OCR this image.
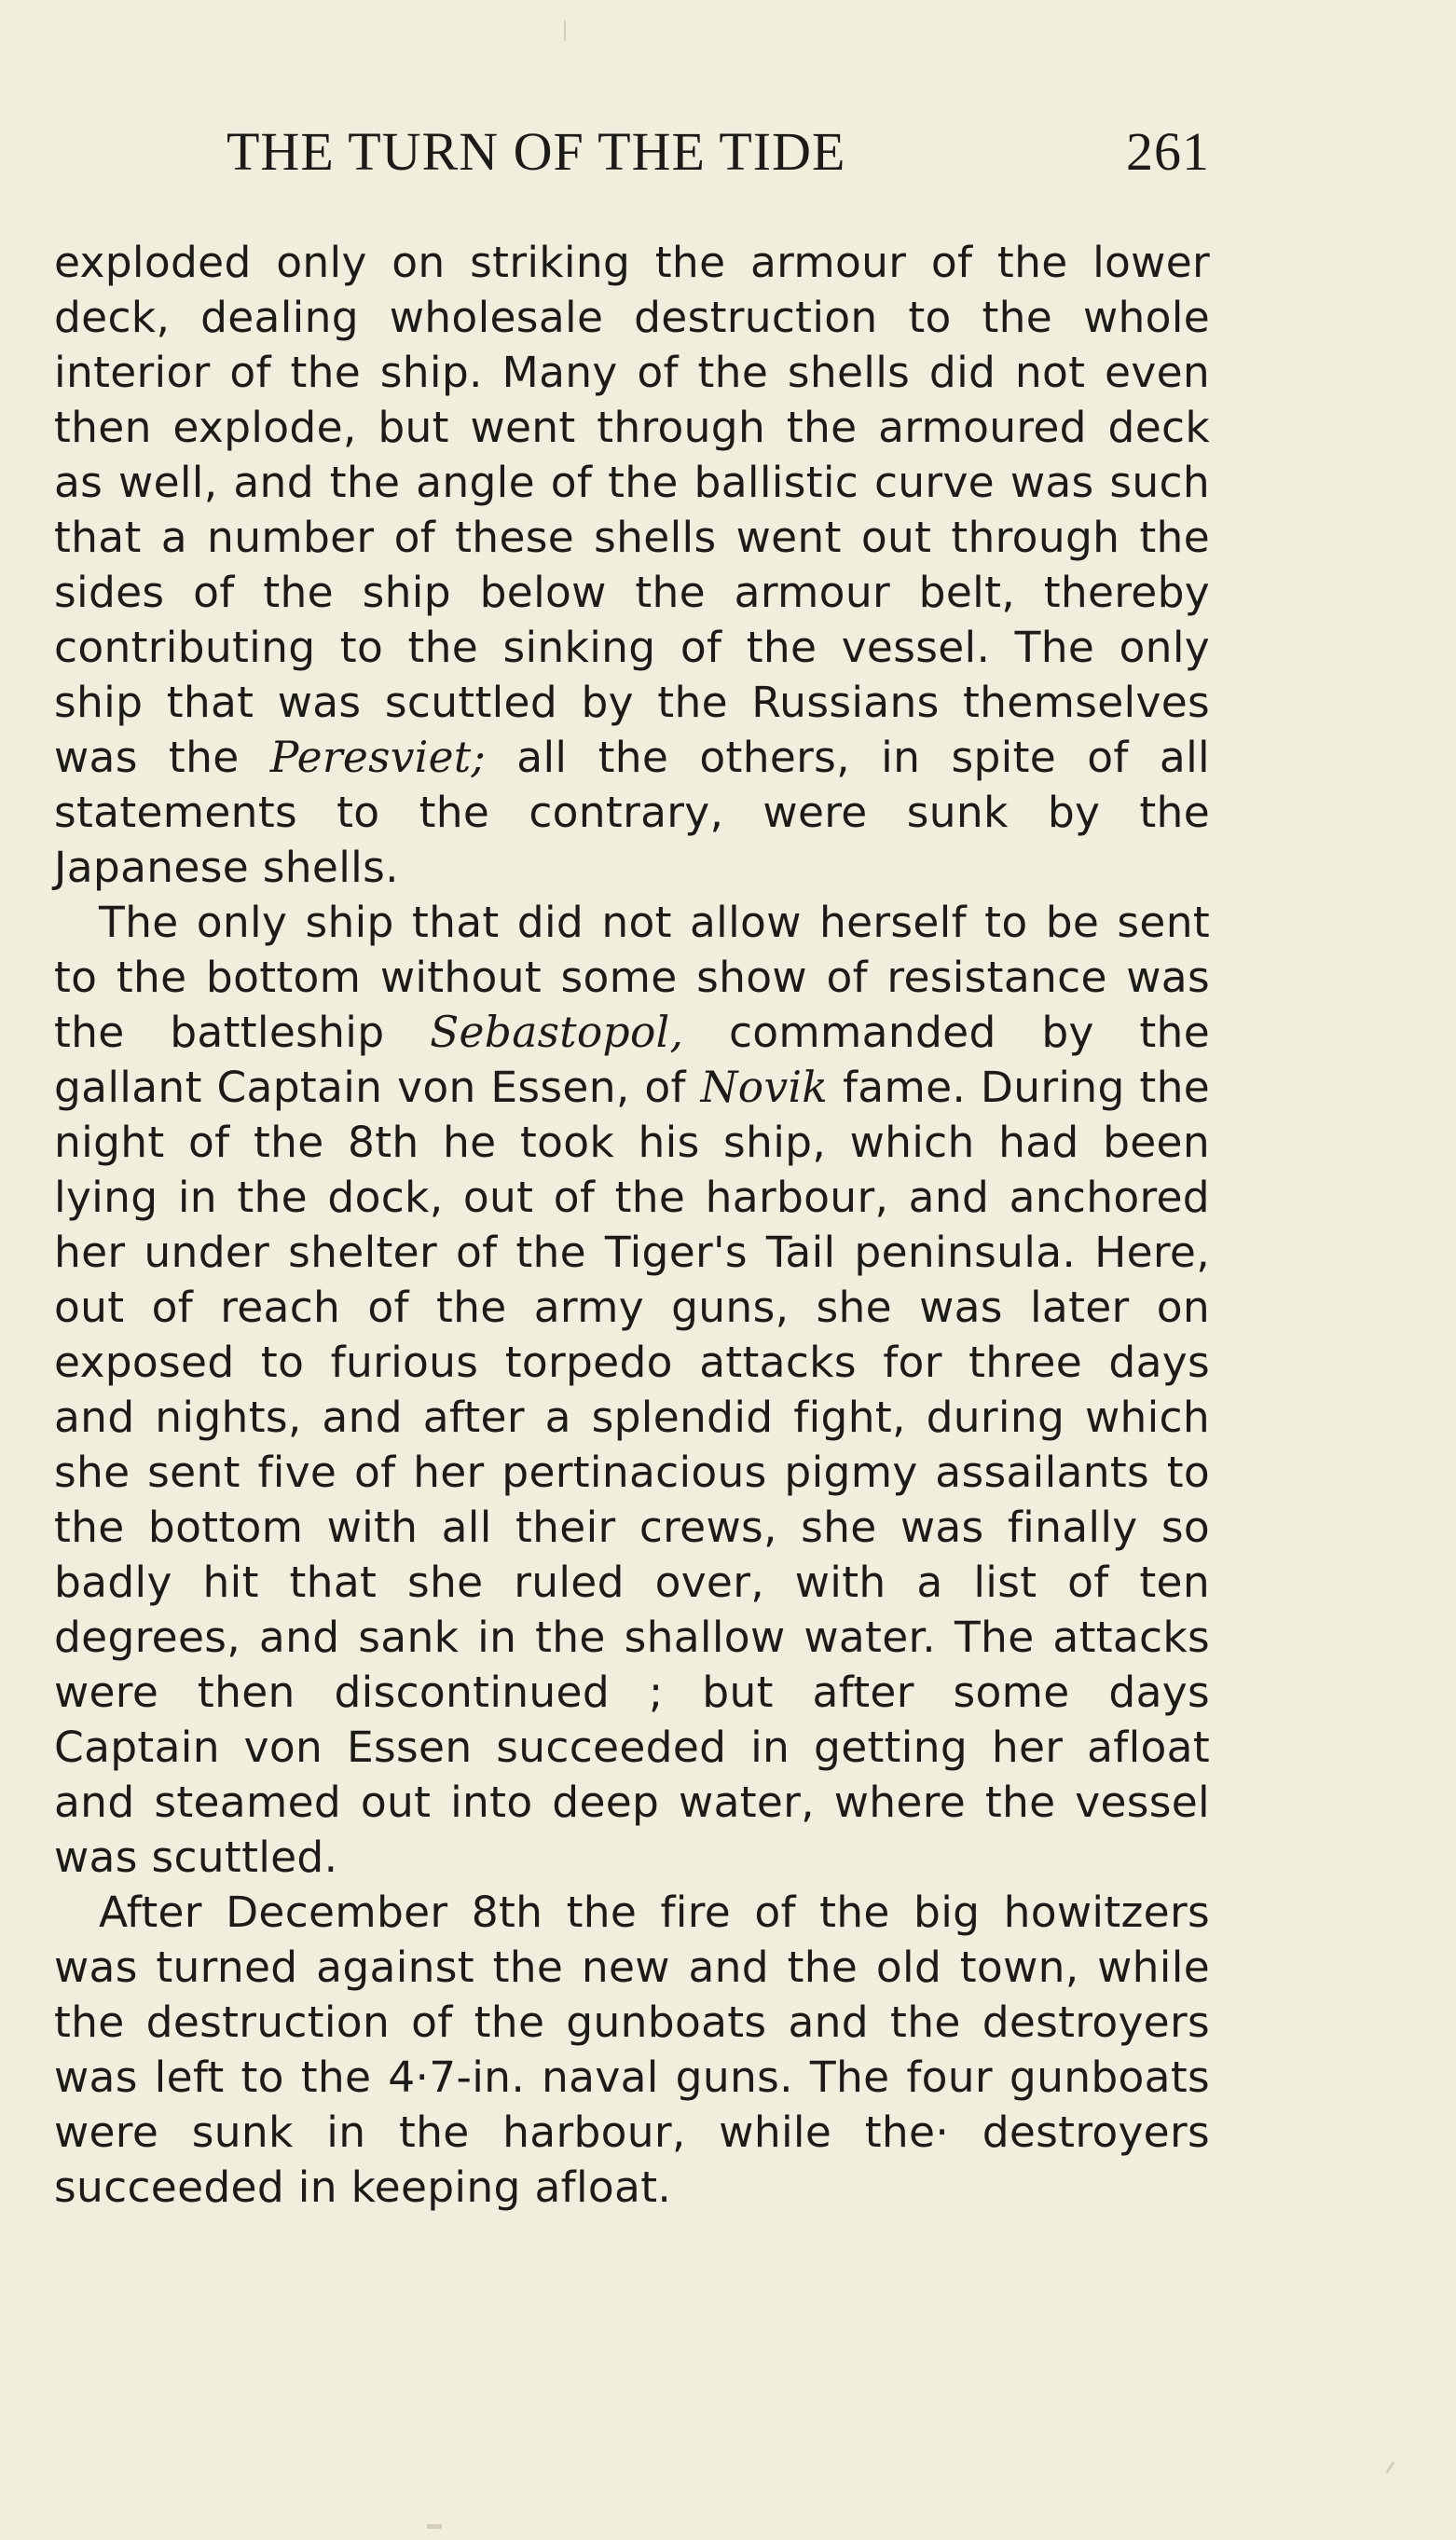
THE TURN OF THE TIDE	261

exploded only on striking the armour of the lower deck, dealing wholesale destruction to the whole interior of the ship. Many of the shells did not even then explode, but went through the armoured deck as well, and the angle of the ballistic curve was such that a number of these shells went out through the sides of the ship below the armour belt, thereby contributing to the sinking of the vessel. The only ship that was scuttled by the Russians themselves was the Peresviet; all the others, in spite of all statements to the contrary, were sunk by the Japanese shells.

The only ship that did not allow herself to be sent to the bottom without some show of resistance was the battleship Sebastopol, commanded by the gallant Captain von Essen, of Novik fame. During the night of the 8th he took his ship, which had been lying in the dock, out of the harbour, and anchored her under shelter of the Tiger's Tail peninsula. Here, out of reach of the army guns, she was later on exposed to furious torpedo attacks for three days and nights, and after a splendid fight, during which she sent five of her pertinacious pigmy assailants to the bottom with all their crews, she was finally so badly hit that she ruled over, with a list of ten degrees, and sank in the shallow water. The attacks were then discontinued ; but after some days Captain von Essen succeeded in getting her afloat and steamed out into deep water, where the vessel was scuttled.

After December 8th the fire of the big howitzers was turned against the new and the old town, while the destruction of the gunboats and the destroyers was left to the 4·7-in. naval guns. The four gunboats were sunk in the harbour, while the· destroyers succeeded in keeping afloat.
